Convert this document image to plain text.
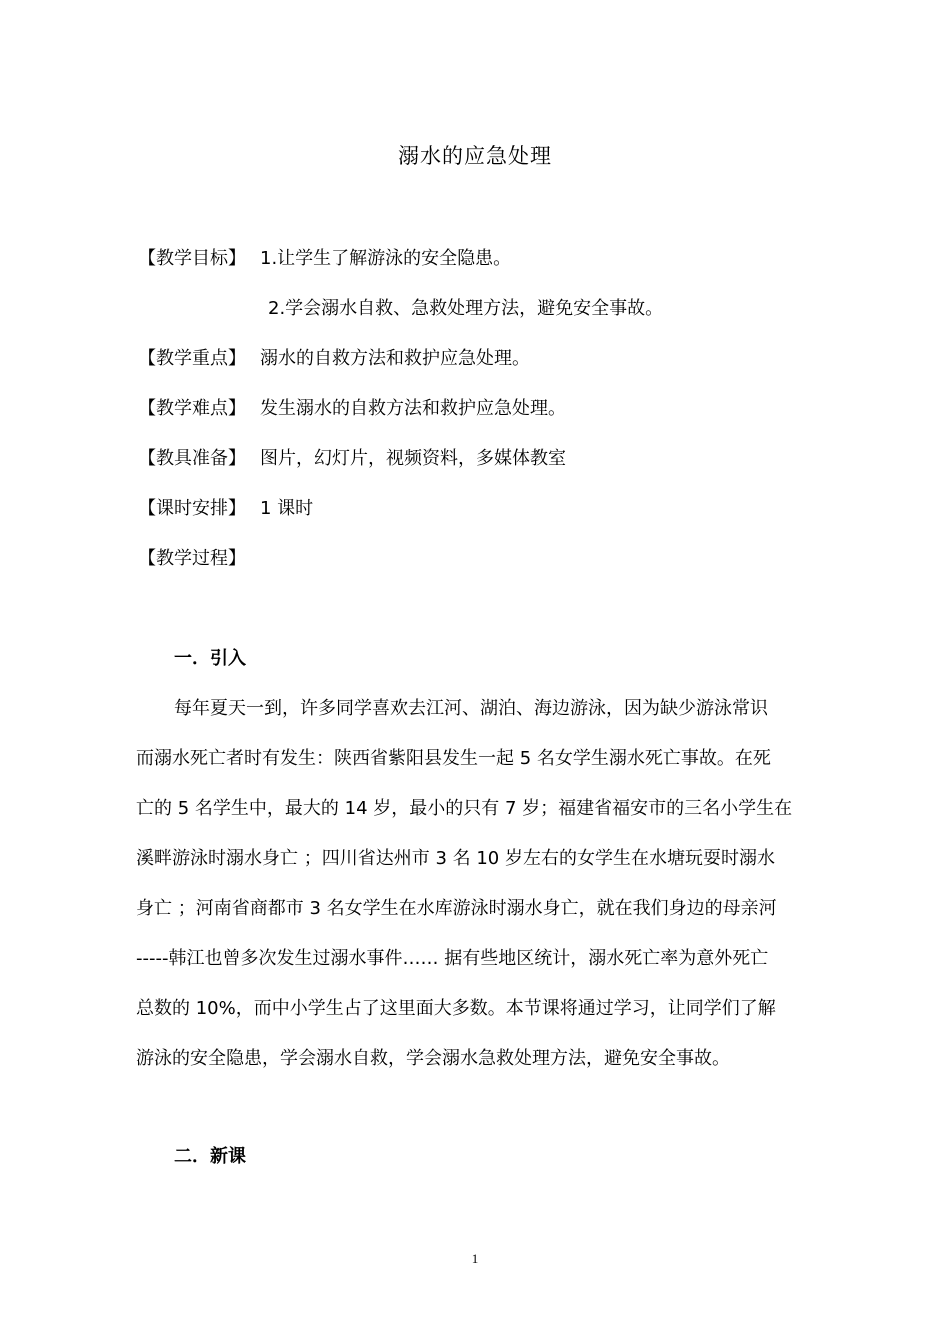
溺水的应急处理
【教学目标】 1.让学生了解游泳的安全隐患。
2.学会溺水自救、急救处理方法，避免安全事故。
【教学重点】 溺水的自救方法和救护应急处理。
【教学难点】 发生溺水的自救方法和救护应急处理。
【教具准备】 图片，幻灯片，视频资料，多媒体教室
【课时安排】 1 课时
【教学过程】
一．引入
每年夏天一到，许多同学喜欢去江河、湖泊、海边游泳，因为缺少游泳常识
而溺水死亡者时有发生：陕西省紫阳县发生一起 5 名女学生溺水死亡事故。在死
亡的 5 名学生中，最大的 14 岁，最小的只有 7 岁；福建省福安市的三名小学生在
溪畔游泳时溺水身亡 ；四川省达州市 3 名 10 岁左右的女学生在水塘玩耍时溺水
身亡 ；河南省商都市 3 名女学生在水库游泳时溺水身亡，就在我们身边的母亲河
-----韩江也曾多次发生过溺水事件…… 据有些地区统计，溺水死亡率为意外死亡
总数的 10%，而中小学生占了这里面大多数。本节课将通过学习，让同学们了解
游泳的安全隐患，学会溺水自救，学会溺水急救处理方法，避免安全事故。
二．新课
1
